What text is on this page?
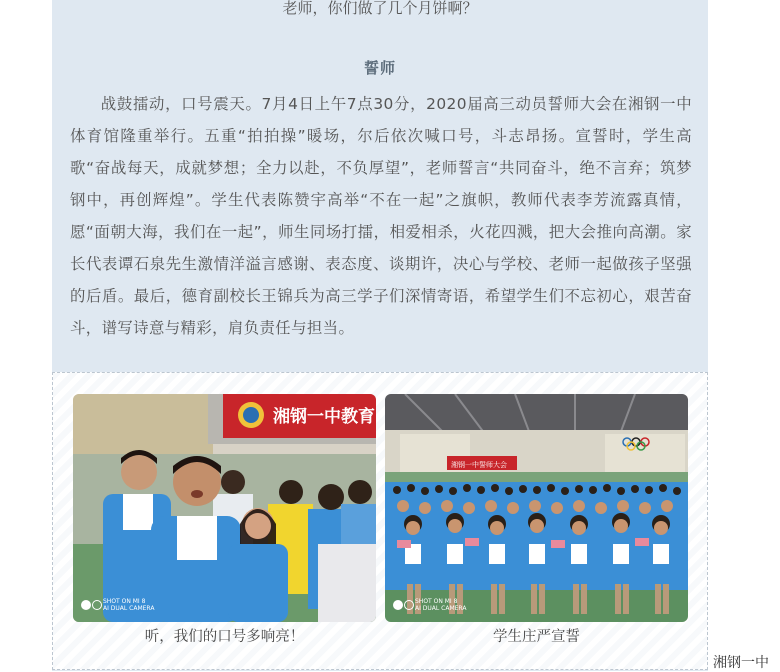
老师，你们做了几个月饼啊？
誓师
战鼓擂动，口号震天。7月4日上午7点30分，2020届高三动员誓师大会在湘钢一中体育馆隆重举行。五重“拍拍操”暖场，尔后依次喊口号，斗志昂扬。宣誓时，学生高歌“奋战每天，成就梦想；全力以赴，不负厚望”，老师誓言“共同奋斗，绝不言弃；筑梦钢中，再创辉煌”。学生代表陈赞宇高举“不在一起”之旗帜，教师代表李芳流露真情，愿“面朝大海，我们在一起”，师生同场打擂，相爱相杀，火花四溅，把大会推向高潮。家长代表谭石泉先生激情洋溢言感谢、表态度、谈期许，决心与学校、老师一起做孩子坚强的后盾。最后，德育副校长王锦兵为高三学子们深情寄语，希望学生们不忘初心，艰苦奋斗，谱写诗意与精彩，肩负责任与担当。
湘钢一中教育
SHOT ON MI 8
AI DUAL CAMERA
湘钢一中誓师大会
SHOT ON MI 8
AI DUAL CAMERA
听，我们的口号多响亮！	学生庄严宣誓
湘钢一中
